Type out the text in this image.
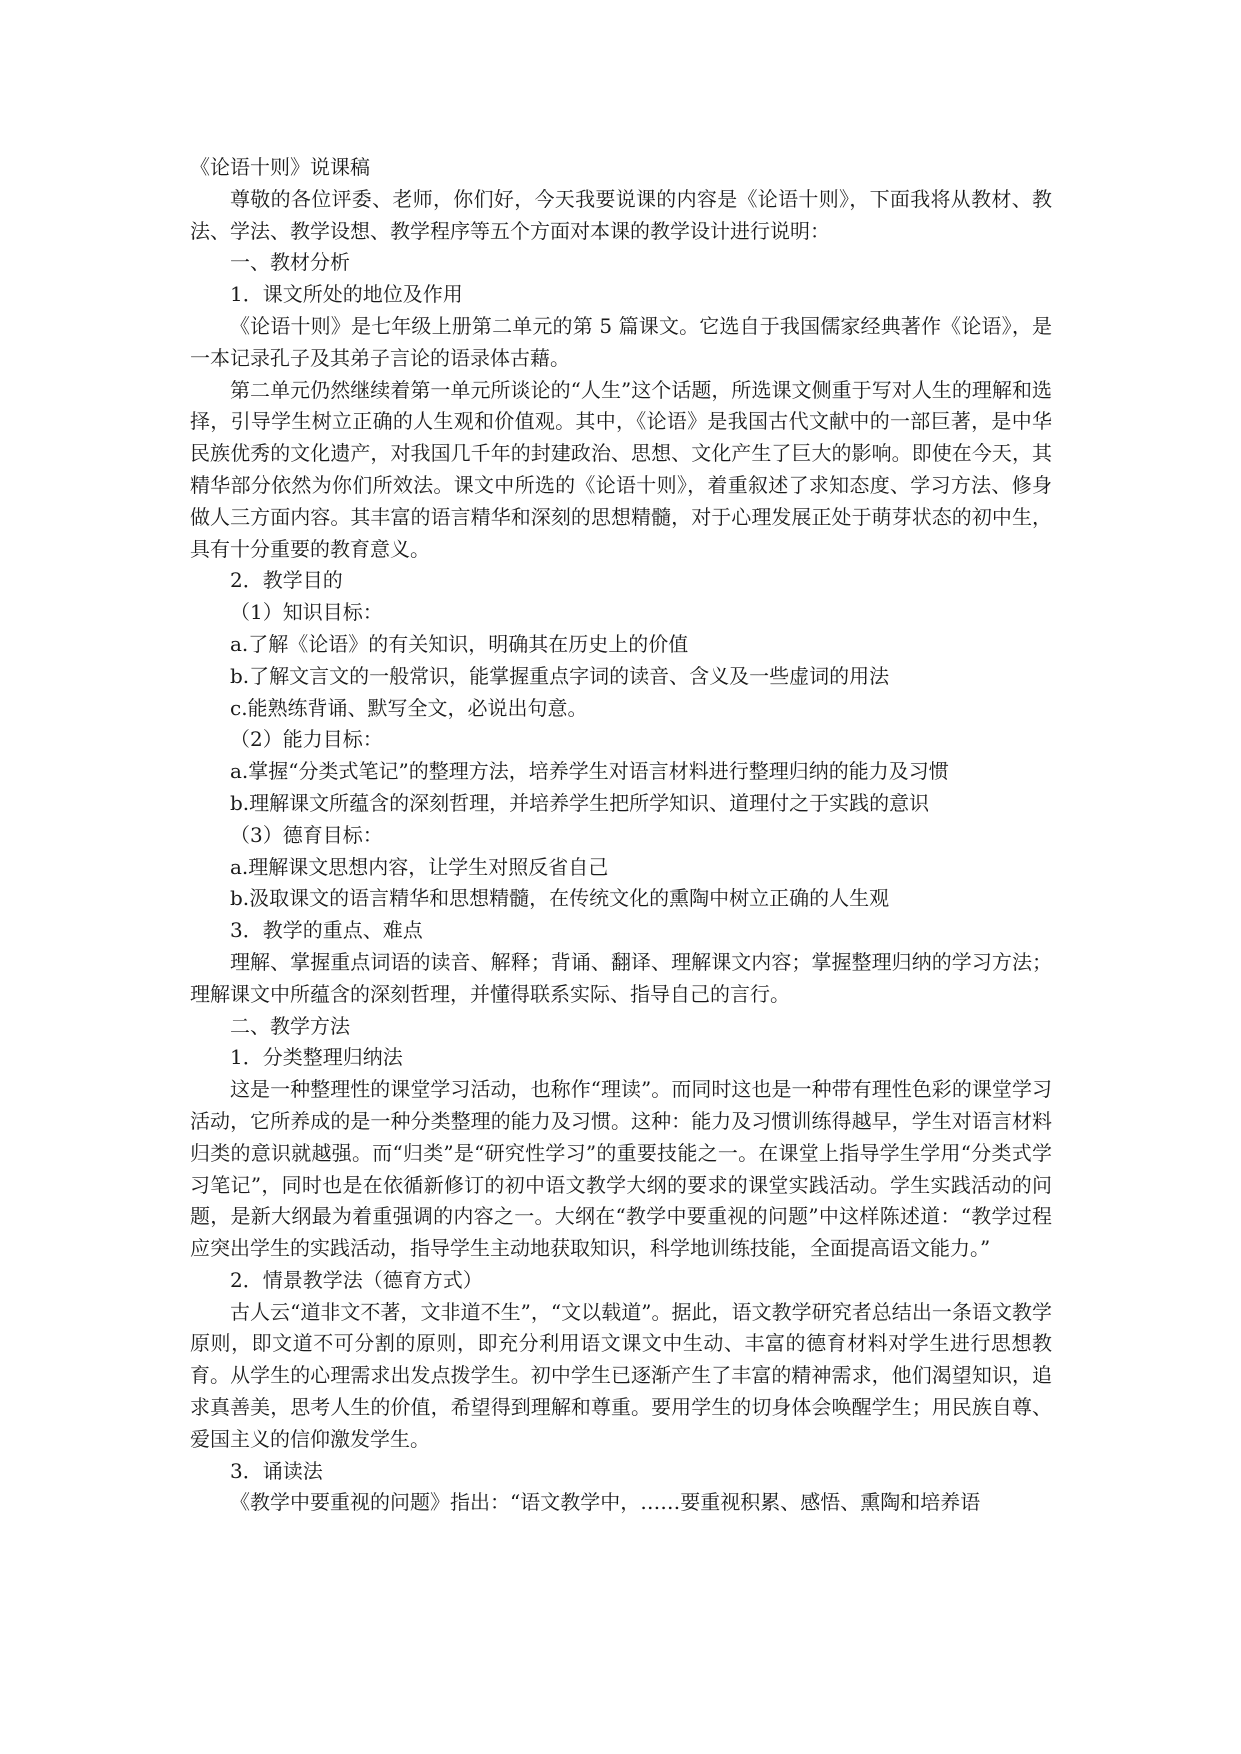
《论语十则》说课稿

尊敬的各位评委、老师，你们好，今天我要说课的内容是《论语十则》，下面我将从教材、教法、学法、教学设想、教学程序等五个方面对本课的教学设计进行说明：

一、教材分析

1．课文所处的地位及作用

《论语十则》是七年级上册第二单元的第 5 篇课文。它选自于我国儒家经典著作《论语》，是一本记录孔子及其弟子言论的语录体古藉。

第二单元仍然继续着第一单元所谈论的“人生”这个话题，所选课文侧重于写对人生的理解和选择，引导学生树立正确的人生观和价值观。其中，《论语》是我国古代文献中的一部巨著，是中华民族优秀的文化遗产，对我国几千年的封建政治、思想、文化产生了巨大的影响。即使在今天，其精华部分依然为你们所效法。课文中所选的《论语十则》，着重叙述了求知态度、学习方法、修身做人三方面内容。其丰富的语言精华和深刻的思想精髓，对于心理发展正处于萌芽状态的初中生，具有十分重要的教育意义。

2．教学目的

（1）知识目标：

a.了解《论语》的有关知识，明确其在历史上的价值

b.了解文言文的一般常识，能掌握重点字词的读音、含义及一些虚词的用法

c.能熟练背诵、默写全文，必说出句意。

（2）能力目标：

a.掌握“分类式笔记”的整理方法，培养学生对语言材料进行整理归纳的能力及习惯

b.理解课文所蕴含的深刻哲理，并培养学生把所学知识、道理付之于实践的意识

（3）德育目标：

a.理解课文思想内容，让学生对照反省自己

b.汲取课文的语言精华和思想精髓，在传统文化的熏陶中树立正确的人生观

3．教学的重点、难点

理解、掌握重点词语的读音、解释；背诵、翻译、理解课文内容；掌握整理归纳的学习方法；理解课文中所蕴含的深刻哲理，并懂得联系实际、指导自己的言行。

二、教学方法

1．分类整理归纳法

这是一种整理性的课堂学习活动，也称作“理读”。而同时这也是一种带有理性色彩的课堂学习活动，它所养成的是一种分类整理的能力及习惯。这种：能力及习惯训练得越早，学生对语言材料归类的意识就越强。而“归类”是“研究性学习”的重要技能之一。在课堂上指导学生学用“分类式学习笔记”，同时也是在依循新修订的初中语文教学大纲的要求的课堂实践活动。学生实践活动的问题，是新大纲最为着重强调的内容之一。大纲在“教学中要重视的问题”中这样陈述道：“教学过程应突出学生的实践活动，指导学生主动地获取知识，科学地训练技能，全面提高语文能力。”

2．情景教学法（德育方式）

古人云“道非文不著，文非道不生”，“文以载道”。据此，语文教学研究者总结出一条语文教学原则，即文道不可分割的原则，即充分利用语文课文中生动、丰富的德育材料对学生进行思想教育。从学生的心理需求出发点拨学生。初中学生已逐渐产生了丰富的精神需求，他们渴望知识，追求真善美，思考人生的价值，希望得到理解和尊重。要用学生的切身体会唤醒学生；用民族自尊、爱国主义的信仰激发学生。

3．诵读法

《教学中要重视的问题》指出：“语文教学中，……要重视积累、感悟、熏陶和培养语
